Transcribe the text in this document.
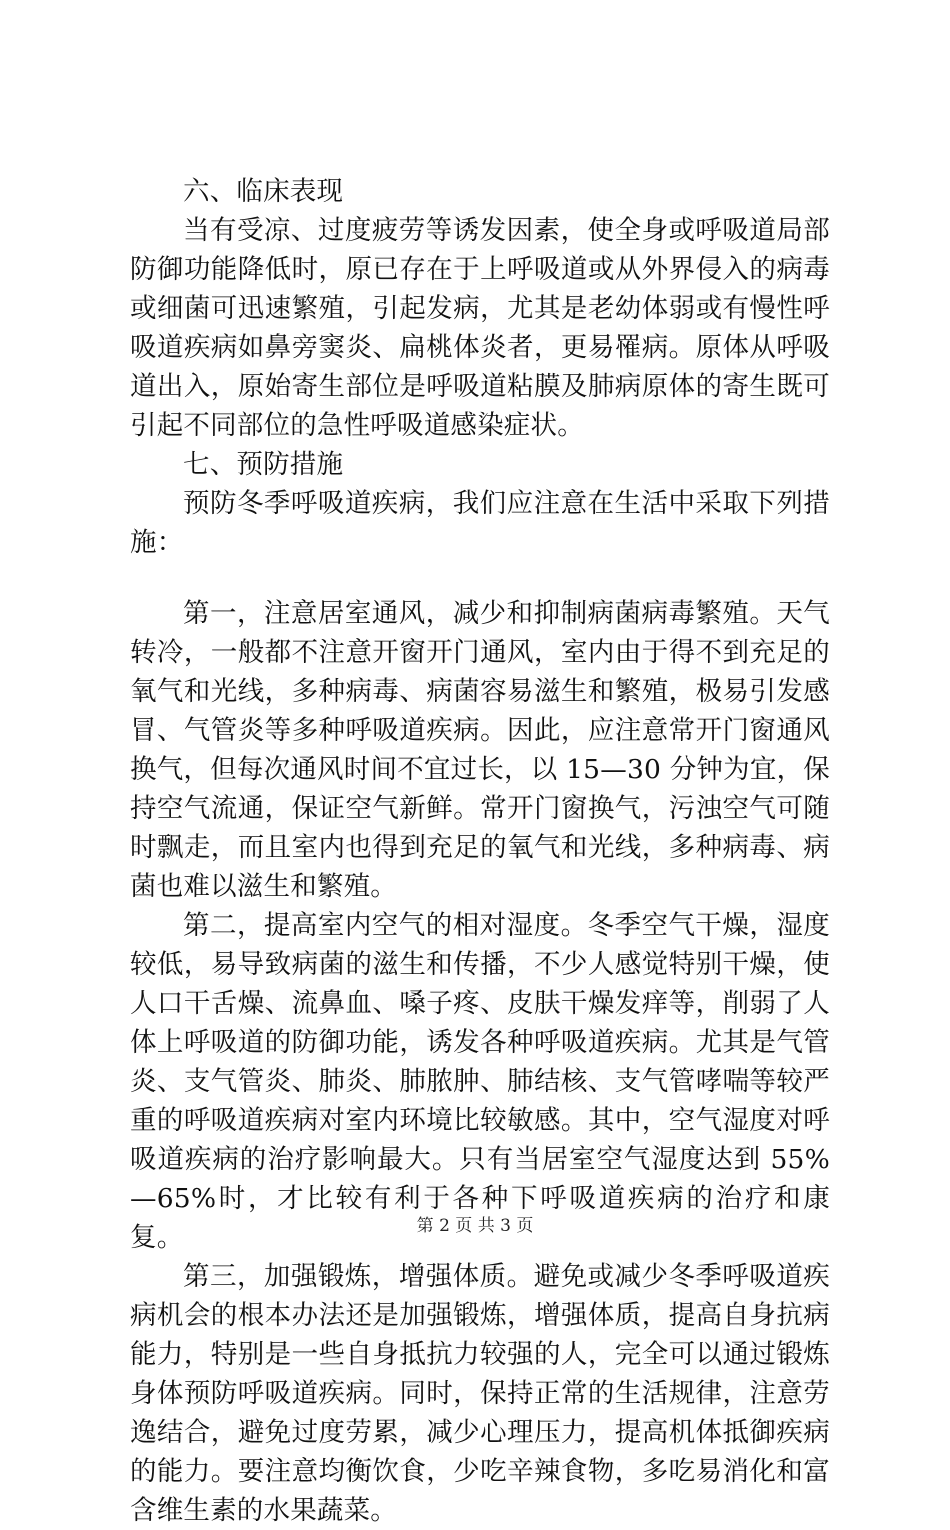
六、临床表现

当有受凉、过度疲劳等诱发因素，使全身或呼吸道局部防御功能降低时，原已存在于上呼吸道或从外界侵入的病毒或细菌可迅速繁殖，引起发病，尤其是老幼体弱或有慢性呼吸道疾病如鼻旁窦炎、扁桃体炎者，更易罹病。原体从呼吸道出入，原始寄生部位是呼吸道粘膜及肺病原体的寄生既可引起不同部位的急性呼吸道感染症状。

七、预防措施

预防冬季呼吸道疾病，我们应注意在生活中采取下列措施：

第一，注意居室通风，减少和抑制病菌病毒繁殖。天气转冷，一般都不注意开窗开门通风，室内由于得不到充足的氧气和光线，多种病毒、病菌容易滋生和繁殖，极易引发感冒、气管炎等多种呼吸道疾病。因此，应注意常开门窗通风换气，但每次通风时间不宜过长，以 15—30 分钟为宜，保持空气流通，保证空气新鲜。常开门窗换气，污浊空气可随时飘走，而且室内也得到充足的氧气和光线，多种病毒、病菌也难以滋生和繁殖。

第二，提高室内空气的相对湿度。冬季空气干燥，湿度较低，易导致病菌的滋生和传播，不少人感觉特别干燥，使人口干舌燥、流鼻血、嗓子疼、皮肤干燥发痒等，削弱了人体上呼吸道的防御功能，诱发各种呼吸道疾病。尤其是气管炎、支气管炎、肺炎、肺脓肿、肺结核、支气管哮喘等较严重的呼吸道疾病对室内环境比较敏感。其中，空气湿度对呼吸道疾病的治疗影响最大。只有当居室空气湿度达到 55%—65%时，才比较有利于各种下呼吸道疾病的治疗和康复。

第三，加强锻炼，增强体质。避免或减少冬季呼吸道疾病机会的根本办法还是加强锻炼，增强体质，提高自身抗病能力，特别是一些自身抵抗力较强的人，完全可以通过锻炼身体预防呼吸道疾病。同时，保持正常的生活规律，注意劳逸结合，避免过度劳累，减少心理压力，提高机体抵御疾病的能力。要注意均衡饮食，少吃辛辣食物，多吃易消化和富含维生素的水果蔬菜。

第 2 页 共 3 页
